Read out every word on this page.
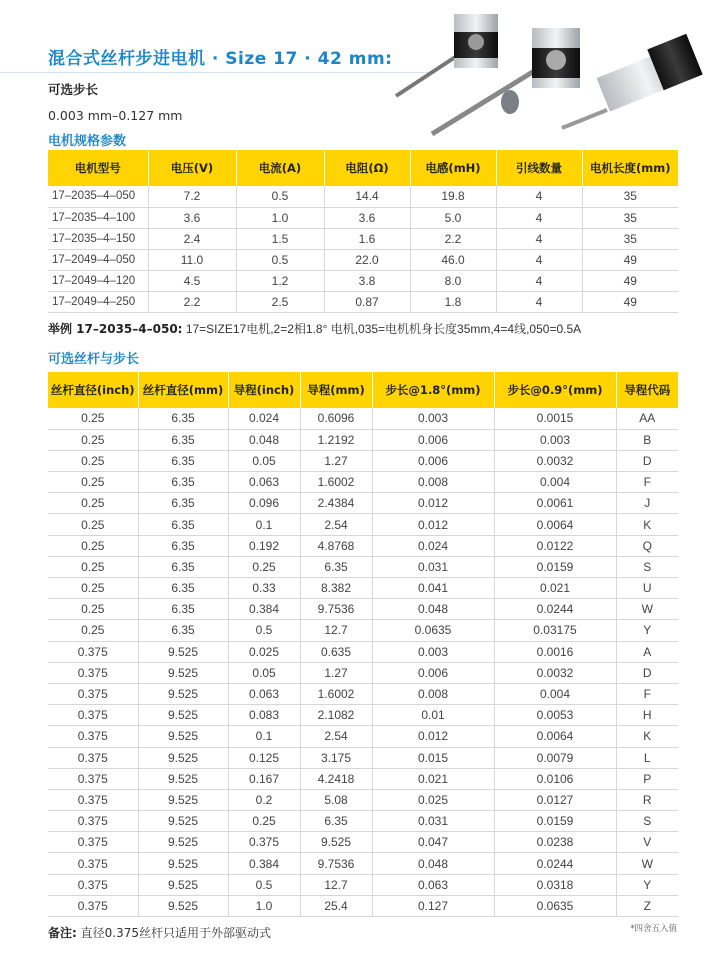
混合式丝杆步进电机 · Size 17 · 42 mm:
可选步长
0.003 mm–0.127 mm
电机规格参数
电机型号	电压(V)	电流(A)	电阻(Ω)	电感(mH)	引线数量	电机长度(mm)
17–2035–4–050	7.2	0.5	14.4	19.8	4	35
17–2035–4–100	3.6	1.0	3.6	5.0	4	35
17–2035–4–150	2.4	1.5	1.6	2.2	4	35
17–2049–4–050	11.0	0.5	22.0	46.0	4	49
17–2049–4–120	4.5	1.2	3.8	8.0	4	49
17–2049–4–250	2.2	2.5	0.87	1.8	4	49
举例 17–2035–4–050: 17=SIZE17电机,2=2相1.8° 电机,035=电机机身长度35mm,4=4线,050=0.5A
可选丝杆与步长
丝杆直径(inch)	丝杆直径(mm)	导程(inch)	导程(mm)	步长@1.8°(mm)	步长@0.9°(mm)	导程代码
0.25	6.35	0.024	0.6096	0.003	0.0015	AA
0.25	6.35	0.048	1.2192	0.006	0.003	B
0.25	6.35	0.05	1.27	0.006	0.0032	D
0.25	6.35	0.063	1.6002	0.008	0.004	F
0.25	6.35	0.096	2.4384	0.012	0.0061	J
0.25	6.35	0.1	2.54	0.012	0.0064	K
0.25	6.35	0.192	4.8768	0.024	0.0122	Q
0.25	6.35	0.25	6.35	0.031	0.0159	S
0.25	6.35	0.33	8.382	0.041	0.021	U
0.25	6.35	0.384	9.7536	0.048	0.0244	W
0.25	6.35	0.5	12.7	0.0635	0.03175	Y
0.375	9.525	0.025	0.635	0.003	0.0016	A
0.375	9.525	0.05	1.27	0.006	0.0032	D
0.375	9.525	0.063	1.6002	0.008	0.004	F
0.375	9.525	0.083	2.1082	0.01	0.0053	H
0.375	9.525	0.1	2.54	0.012	0.0064	K
0.375	9.525	0.125	3.175	0.015	0.0079	L
0.375	9.525	0.167	4.2418	0.021	0.0106	P
0.375	9.525	0.2	5.08	0.025	0.0127	R
0.375	9.525	0.25	6.35	0.031	0.0159	S
0.375	9.525	0.375	9.525	0.047	0.0238	V
0.375	9.525	0.384	9.7536	0.048	0.0244	W
0.375	9.525	0.5	12.7	0.063	0.0318	Y
0.375	9.525	1.0	25.4	0.127	0.0635	Z
备注: 直径0.375丝杆只适用于外部驱动式	*四舍五入值
